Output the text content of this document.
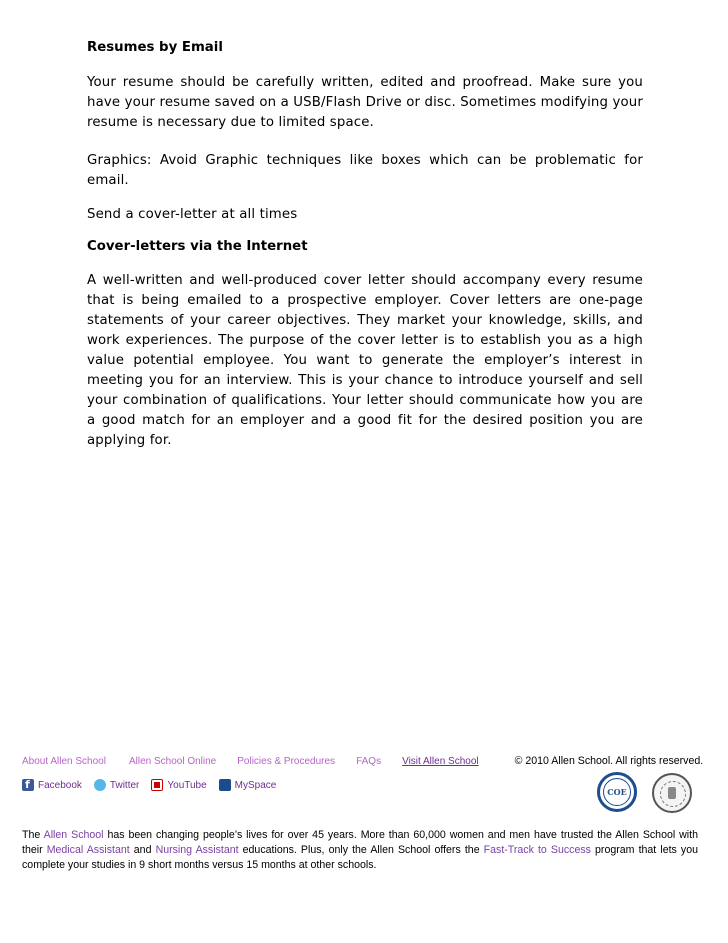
Resumes by Email

Your resume should be carefully written, edited and proofread. Make sure you have your resume saved on a USB/Flash Drive or disc. Sometimes modifying your resume is necessary due to limited space.

Graphics: Avoid Graphic techniques like boxes which can be problematic for email.

Send a cover-letter at all times

Cover-letters via the Internet

A well-written and well-produced cover letter should accompany every resume that is being emailed to a prospective employer. Cover letters are one-page statements of your career objectives. They market your knowledge, skills, and work experiences. The purpose of the cover letter is to establish you as a high value potential employee. You want to generate the employer’s interest in meeting you for an interview. This is your chance to introduce yourself and sell your combination of qualifications. Your letter should communicate how you are a good match for an employer and a good fit for the desired position you are applying for.

About Allen School Allen School Online Policies & Procedures FAQs Visit Allen School	© 2010 Allen School. All rights reserved.
f
Facebook	Twitter	YouTube	MySpace
COE
The Allen School has been changing people’s lives for over 45 years. More than 60,000 women and men have trusted the Allen School with their Medical Assistant and Nursing Assistant educations. Plus, only the Allen School offers the Fast-Track to Success program that lets you complete your studies in 9 short months versus 15 months at other schools.
